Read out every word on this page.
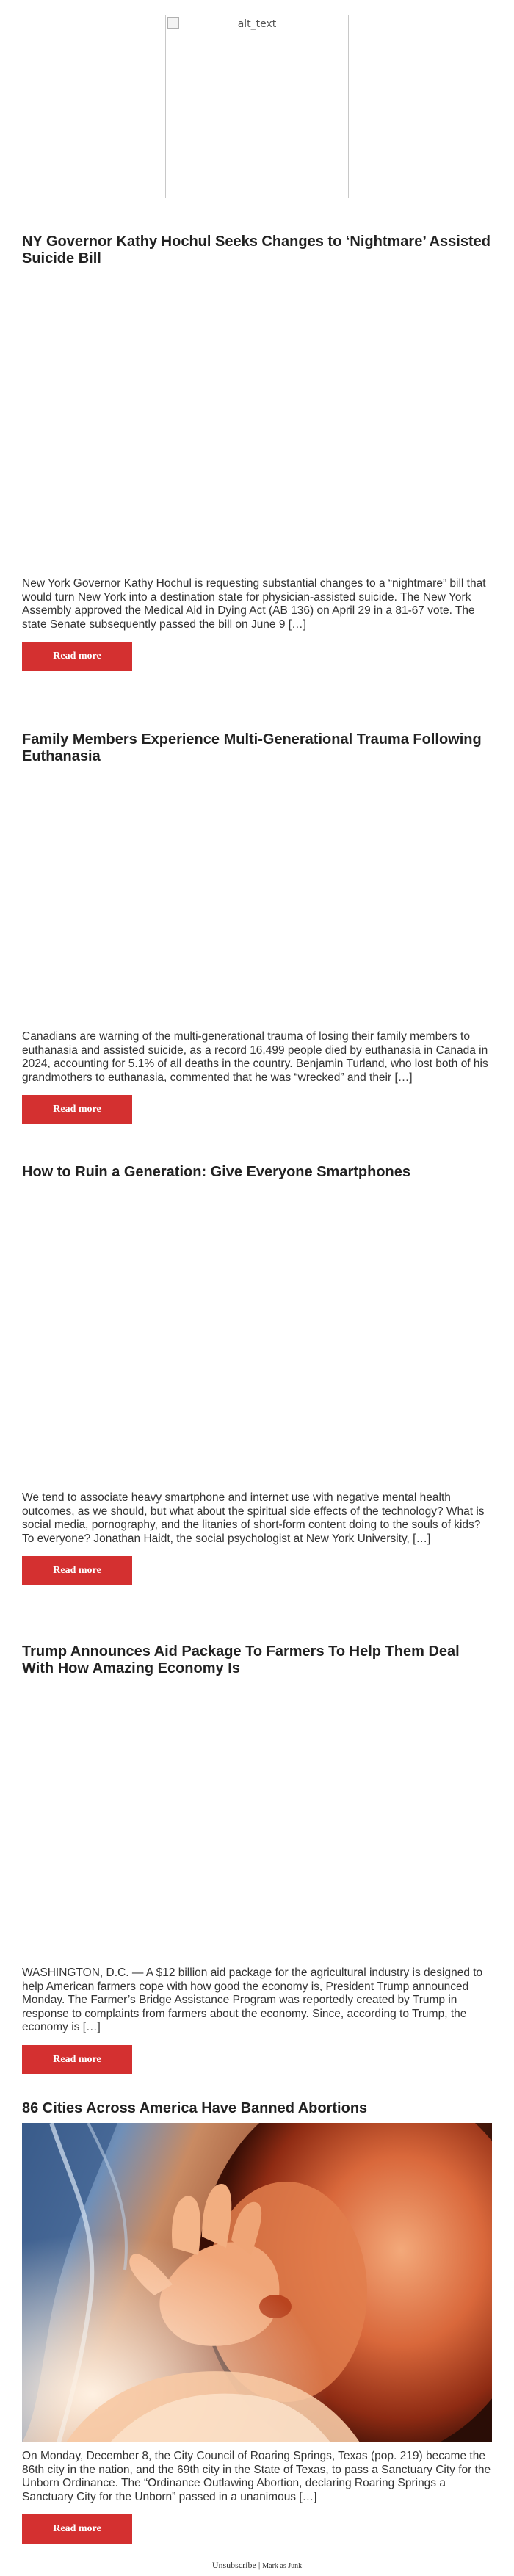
alt_text
NY Governor Kathy Hochul Seeks Changes to ‘Nightmare’ Assisted Suicide Bill

New York Governor Kathy Hochul is requesting substantial changes to a “nightmare” bill that would turn New York into a destination state for physician-assisted suicide. The New York Assembly approved the Medical Aid in Dying Act (AB 136) on April 29 in a 81-67 vote. The state Senate subsequently passed the bill on June 9 […]

Read more
Family Members Experience Multi-Generational Trauma Following Euthanasia

Canadians are warning of the multi-generational trauma of losing their family members to euthanasia and assisted suicide, as a record 16,499 people died by euthanasia in Canada in 2024, accounting for 5.1% of all deaths in the country. Benjamin Turland, who lost both of his grandmothers to euthanasia, commented that he was “wrecked” and their […]

Read more
How to Ruin a Generation: Give Everyone Smartphones

We tend to associate heavy smartphone and internet use with negative mental health outcomes, as we should, but what about the spiritual side effects of the technology? What is social media, pornography, and the litanies of short-form content doing to the souls of kids? To everyone? Jonathan Haidt, the social psychologist at New York University, […]

Read more
Trump Announces Aid Package To Farmers To Help Them Deal With How Amazing Economy Is

WASHINGTON, D.C. — A $12 billion aid package for the agricultural industry is designed to help American farmers cope with how good the economy is, President Trump announced Monday. The Farmer’s Bridge Assistance Program was reportedly created by Trump in response to complaints from farmers about the economy. Since, according to Trump, the economy is […]

Read more
86 Cities Across America Have Banned Abortions

On Monday, December 8, the City Council of Roaring Springs, Texas (pop. 219) became the 86th city in the nation, and the 69th city in the State of Texas, to pass a Sanctuary City for the Unborn Ordinance. The “Ordinance Outlawing Abortion, declaring Roaring Springs a Sanctuary City for the Unborn” passed in a unanimous […]

Read more
Unsubscribe | Mark as Junk
